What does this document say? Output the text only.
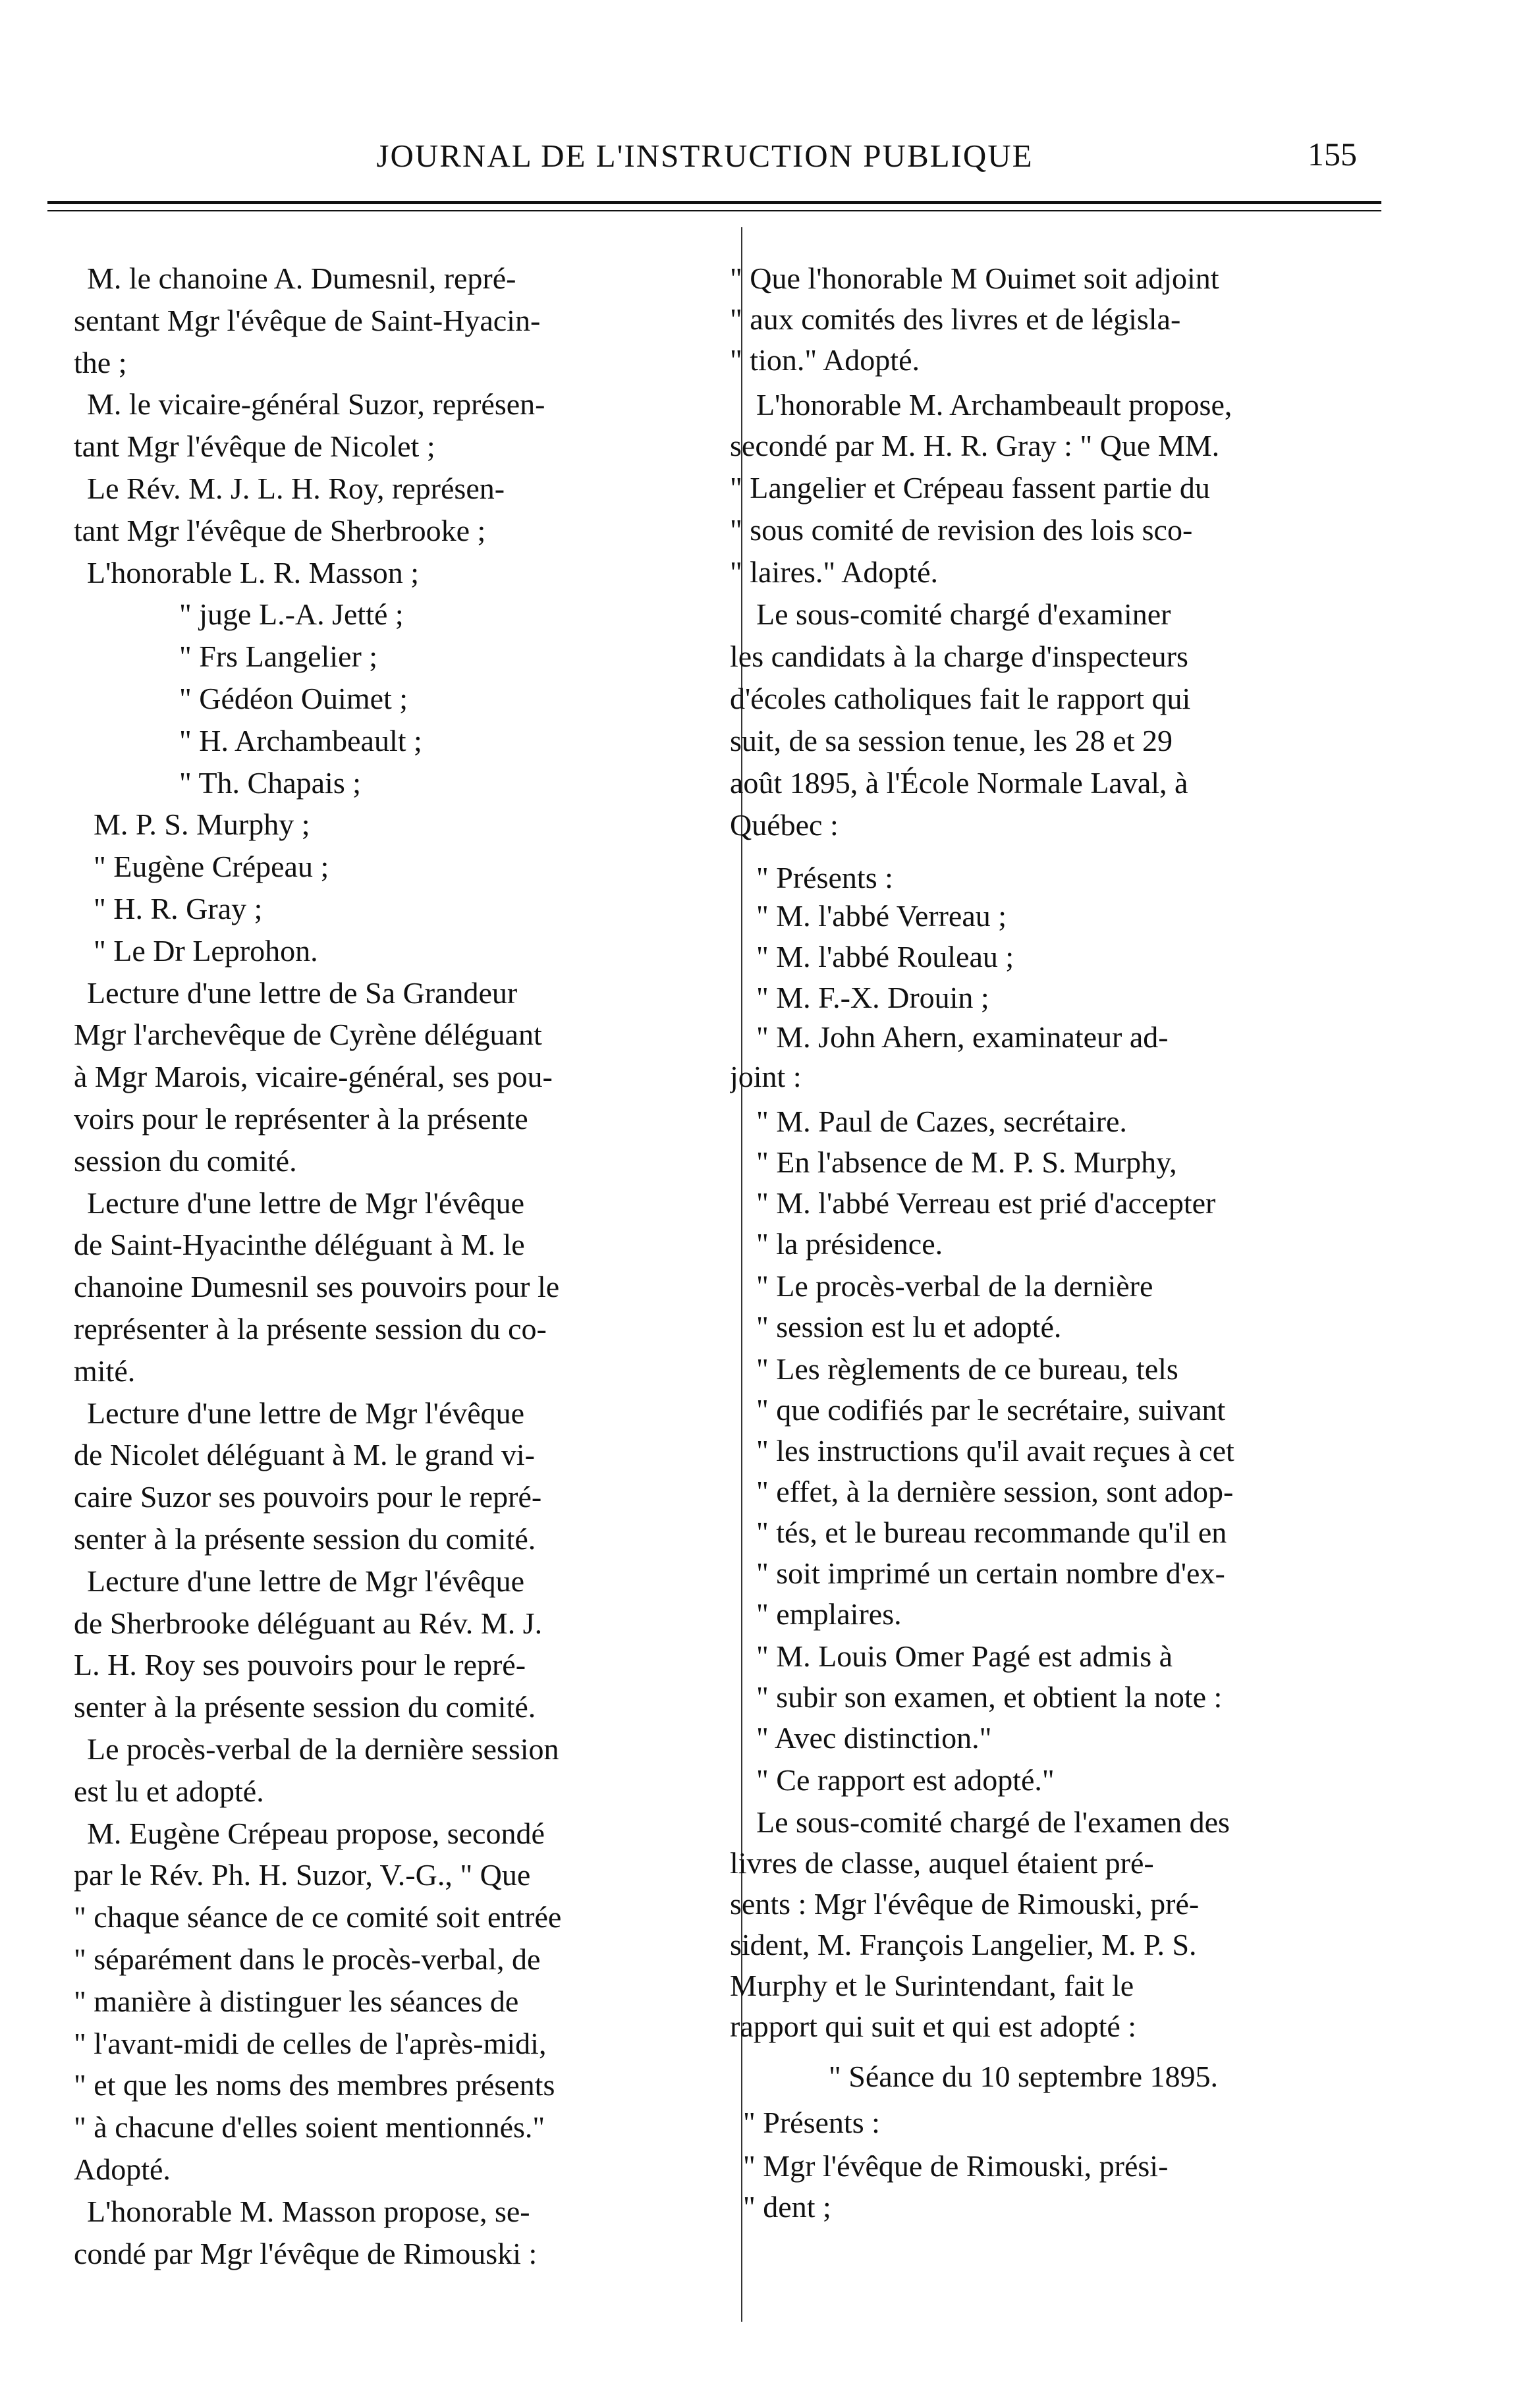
JOURNAL DE L'INSTRUCTION PUBLIQUE	155
M. le chanoine A. Dumesnil, repré-
sentant Mgr l'évêque de Saint-Hyacin-
the ;
M. le vicaire-général Suzor, représen-
tant Mgr l'évêque de Nicolet ;
Le Rév. M. J. L. H. Roy, représen-
tant Mgr l'évêque de Sherbrooke ;
L'honorable L. R. Masson ;
" juge L.-A. Jetté ;
" Frs Langelier ;
" Gédéon Ouimet ;
" H. Archambeault ;
" Th. Chapais ;
M. P. S. Murphy ;
" Eugène Crépeau ;
" H. R. Gray ;
" Le Dr Leprohon.
Lecture d'une lettre de Sa Grandeur
Mgr l'archevêque de Cyrène déléguant
à Mgr Marois, vicaire-général, ses pou-
voirs pour le représenter à la présente
session du comité.
Lecture d'une lettre de Mgr l'évêque
de Saint-Hyacinthe déléguant à M. le
chanoine Dumesnil ses pouvoirs pour le
représenter à la présente session du co-
mité.
Lecture d'une lettre de Mgr l'évêque
de Nicolet déléguant à M. le grand vi-
caire Suzor ses pouvoirs pour le repré-
senter à la présente session du comité.
Lecture d'une lettre de Mgr l'évêque
de Sherbrooke déléguant au Rév. M. J.
L. H. Roy ses pouvoirs pour le repré-
senter à la présente session du comité.
Le procès-verbal de la dernière session
est lu et adopté.
M. Eugène Crépeau propose, secondé
par le Rév. Ph. H. Suzor, V.-G., " Que
" chaque séance de ce comité soit entrée
" séparément dans le procès-verbal, de
" manière à distinguer les séances de
" l'avant-midi de celles de l'après-midi,
" et que les noms des membres présents
" à chacune d'elles soient mentionnés."
Adopté.
L'honorable M. Masson propose, se-
condé par Mgr l'évêque de Rimouski :
" Que l'honorable M Ouimet soit adjoint
" aux comités des livres et de législa-
" tion." Adopté.
L'honorable M. Archambeault propose,
secondé par M. H. R. Gray : " Que MM.
" Langelier et Crépeau fassent partie du
" sous comité de revision des lois sco-
" laires." Adopté.
Le sous-comité chargé d'examiner
les candidats à la charge d'inspecteurs
d'écoles catholiques fait le rapport qui
suit, de sa session tenue, les 28 et 29
août 1895, à l'École Normale Laval, à
Québec :
" Présents :
" M. l'abbé Verreau ;
" M. l'abbé Rouleau ;
" M. F.-X. Drouin ;
" M. John Ahern, examinateur ad-
joint :
" M. Paul de Cazes, secrétaire.
" En l'absence de M. P. S. Murphy,
" M. l'abbé Verreau est prié d'accepter
" la présidence.
" Le procès-verbal de la dernière
" session est lu et adopté.
" Les règlements de ce bureau, tels
" que codifiés par le secrétaire, suivant
" les instructions qu'il avait reçues à cet
" effet, à la dernière session, sont adop-
" tés, et le bureau recommande qu'il en
" soit imprimé un certain nombre d'ex-
" emplaires.
" M. Louis Omer Pagé est admis à
" subir son examen, et obtient la note :
" Avec distinction."
" Ce rapport est adopté."
Le sous-comité chargé de l'examen des
livres de classe, auquel étaient pré-
sents : Mgr l'évêque de Rimouski, pré-
sident, M. François Langelier, M. P. S.
Murphy et le Surintendant, fait le
rapport qui suit et qui est adopté :
" Séance du 10 septembre 1895.
" Présents :
" Mgr l'évêque de Rimouski, prési-
" dent ;
